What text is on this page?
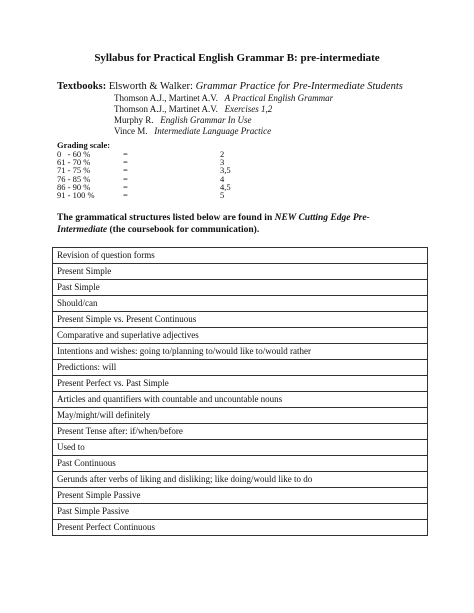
Syllabus for Practical English Grammar B: pre-intermediate
Textbooks: Elsworth & Walker: Grammar Practice for Pre-Intermediate Students
Thomson A.J., Martinet A.V. A Practical English Grammar
Thomson A.J., Martinet A.V. Exercises 1,2
Murphy R. English Grammar In Use
Vince M. Intermediate Language Practice
Grading scale:
0   - 60 %	=	2
61 - 70 %	=	3
71 - 75 %	=	3,5
76 - 85 %	=	4
86 - 90 %	=	4,5
91 - 100 %	=	5
The grammatical structures listed below are found in NEW Cutting Edge Pre- Intermediate (the coursebook for communication).
Revision of question forms
Present Simple
Past Simple
Should/can
Present Simple vs. Present Continuous
Comparative and superlative adjectives
Intentions and wishes: going to/planning to/would like to/would rather
Predictions: will
Present Perfect vs. Past Simple
Articles and quantifiers with countable and uncountable nouns
May/might/will definitely
Present Tense after: if/when/before
Used to
Past Continuous
Gerunds after verbs of liking and disliking; like doing/would like to do
Present Simple Passive
Past Simple Passive
Present Perfect Continuous
